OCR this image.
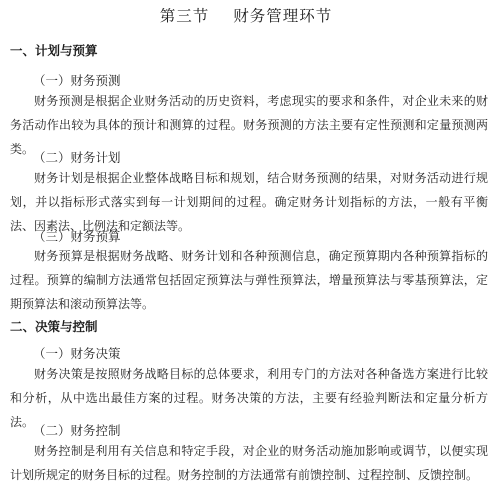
第三节 财务管理环节
一、计划与预算
（一）财务预测
财务预测是根据企业财务活动的历史资料，考虑现实的要求和条件，对企业未来的财务活动作出较为具体的预计和测算的过程。财务预测的方法主要有定性预测和定量预测两类。
（二）财务计划
财务计划是根据企业整体战略目标和规划，结合财务预测的结果，对财务活动进行规划，并以指标形式落实到每一计划期间的过程。确定财务计划指标的方法，一般有平衡法、因素法、比例法和定额法等。
（三）财务预算
财务预算是根据财务战略、财务计划和各种预测信息，确定预算期内各种预算指标的过程。预算的编制方法通常包括固定预算法与弹性预算法，增量预算法与零基预算法，定期预算法和滚动预算法等。
二、决策与控制
（一）财务决策
财务决策是按照财务战略目标的总体要求，利用专门的方法对各种备选方案进行比较和分析，从中选出最佳方案的过程。财务决策的方法，主要有经验判断法和定量分析方法。
（二）财务控制
财务控制是利用有关信息和特定手段，对企业的财务活动施加影响或调节，以便实现计划所规定的财务目标的过程。财务控制的方法通常有前馈控制、过程控制、反馈控制。
